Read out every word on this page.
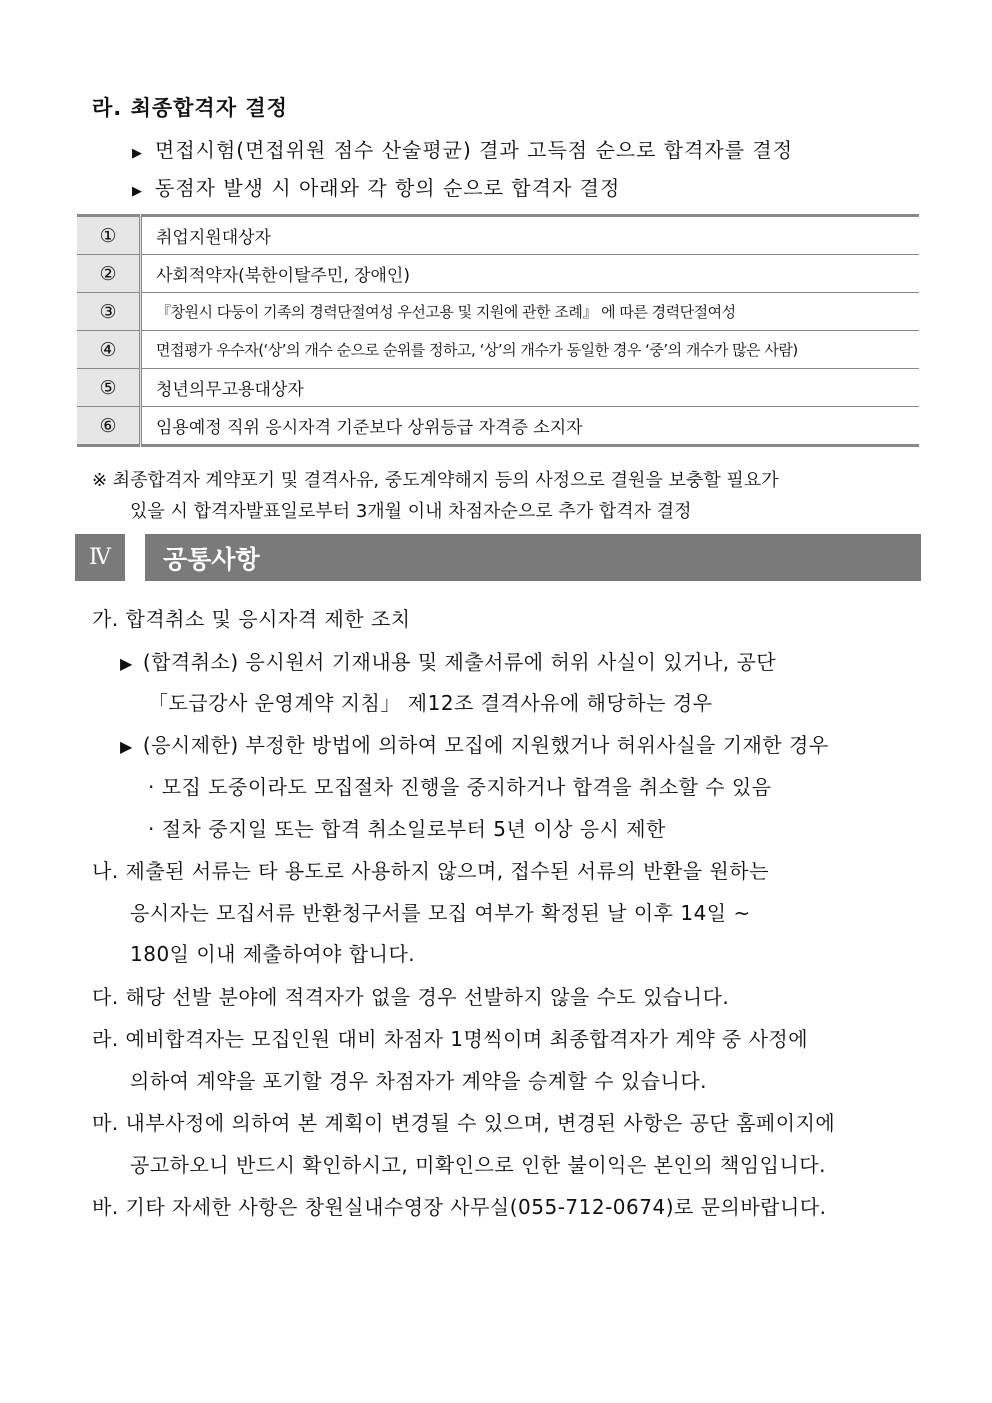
라. 최종합격자 결정
▶ 면접시험(면접위원 점수 산술평균) 결과 고득점 순으로 합격자를 결정
▶ 동점자 발생 시 아래와 각 항의 순으로 합격자 결정
①	취업지원대상자
②	사회적약자(북한이탈주민, 장애인)
③	『창원시 다둥이 기족의 경력단절여성 우선고용 및 지원에 관한 조례』 에 따른 경력단절여성
④	면접평가 우수자(‘상’의 개수 순으로 순위를 정하고, ‘상’의 개수가 동일한 경우 ‘중’의 개수가 많은 사람)
⑤	청년의무고용대상자
⑥	임용예정 직위 응시자격 기준보다 상위등급 자격증 소지자
※ 최종합격자 계약포기 및 결격사유, 중도계약해지 등의 사정으로 결원을 보충할 필요가
있을 시 합격자발표일로부터 3개월 이내 차점자순으로 추가 합격자 결정
Ⅳ	공통사항
가. 합격취소 및 응시자격 제한 조치
▶ (합격취소) 응시원서 기재내용 및 제출서류에 허위 사실이 있거나, 공단
「도급강사 운영계약 지침」 제12조 결격사유에 해당하는 경우
▶ (응시제한) 부정한 방법에 의하여 모집에 지원했거나 허위사실을 기재한 경우
· 모집 도중이라도 모집절차 진행을 중지하거나 합격을 취소할 수 있음
· 절차 중지일 또는 합격 취소일로부터 5년 이상 응시 제한
나. 제출된 서류는 타 용도로 사용하지 않으며, 접수된 서류의 반환을 원하는
응시자는 모집서류 반환청구서를 모집 여부가 확정된 날 이후 14일 ~
180일 이내 제출하여야 합니다.
다. 해당 선발 분야에 적격자가 없을 경우 선발하지 않을 수도 있습니다.
라. 예비합격자는 모집인원 대비 차점자 1명씩이며 최종합격자가 계약 중 사정에
의하여 계약을 포기할 경우 차점자가 계약을 승계할 수 있습니다.
마. 내부사정에 의하여 본 계획이 변경될 수 있으며, 변경된 사항은 공단 홈페이지에
공고하오니 반드시 확인하시고, 미확인으로 인한 불이익은 본인의 책임입니다.
바. 기타 자세한 사항은 창원실내수영장 사무실(055-712-0674)로 문의바랍니다.
